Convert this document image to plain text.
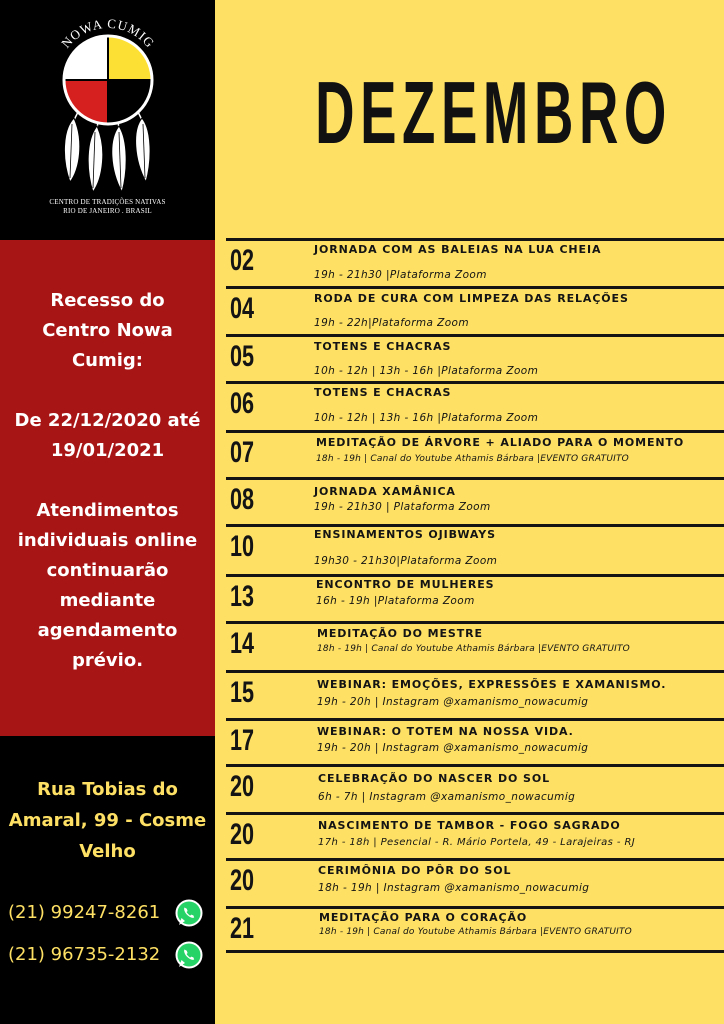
NOWA CUMIG
CENTRO DE TRADIÇÕES NATIVAS
RIO DE JANEIRO . BRASIL
Recesso do
Centro Nowa
Cumig:
De 22/12/2020 até
19/01/2021
Atendimentos
individuais online
continuarão
mediante
agendamento
prévio.
Rua Tobias do
Amaral, 99 - Cosme
Velho
(21) 99247-8261
(21) 96735-2132
DEZEMBRO
02	JORNADA COM AS BALEIAS NA LUA CHEIA
19h - 21h30 |Plataforma Zoom
04	RODA DE CURA COM LIMPEZA DAS RELAÇÕES
19h - 22h|Plataforma Zoom
05	TOTENS E CHACRAS
10h - 12h | 13h - 16h |Plataforma Zoom
06	TOTENS E CHACRAS
10h - 12h | 13h - 16h |Plataforma Zoom
07	MEDITAÇÃO DE ÁRVORE + ALIADO PARA O MOMENTO
18h - 19h | Canal do Youtube Athamis Bárbara |EVENTO GRATUITO
08	JORNADA XAMÂNICA
19h - 21h30 | Plataforma Zoom
10	ENSINAMENTOS OJIBWAYS
19h30 - 21h30|Plataforma Zoom
13	ENCONTRO DE MULHERES
16h - 19h |Plataforma Zoom
14	MEDITAÇÃO DO MESTRE
18h - 19h | Canal do Youtube Athamis Bárbara |EVENTO GRATUITO
15	WEBINAR: EMOÇÕES, EXPRESSÕES E XAMANISMO.
19h - 20h | Instagram @xamanismo_nowacumig
17	WEBINAR: O TOTEM NA NOSSA VIDA.
19h - 20h | Instagram @xamanismo_nowacumig
20	CELEBRAÇÃO DO NASCER DO SOL
6h - 7h | Instagram @xamanismo_nowacumig
20	NASCIMENTO DE TAMBOR - FOGO SAGRADO
17h - 18h | Pesencial - R. Mário Portela, 49 - Larajeiras - RJ
20	CERIMÔNIA DO PÔR DO SOL
18h - 19h | Instagram @xamanismo_nowacumig
21	MEDITAÇÃO PARA O CORAÇÃO
18h - 19h | Canal do Youtube Athamis Bárbara |EVENTO GRATUITO
